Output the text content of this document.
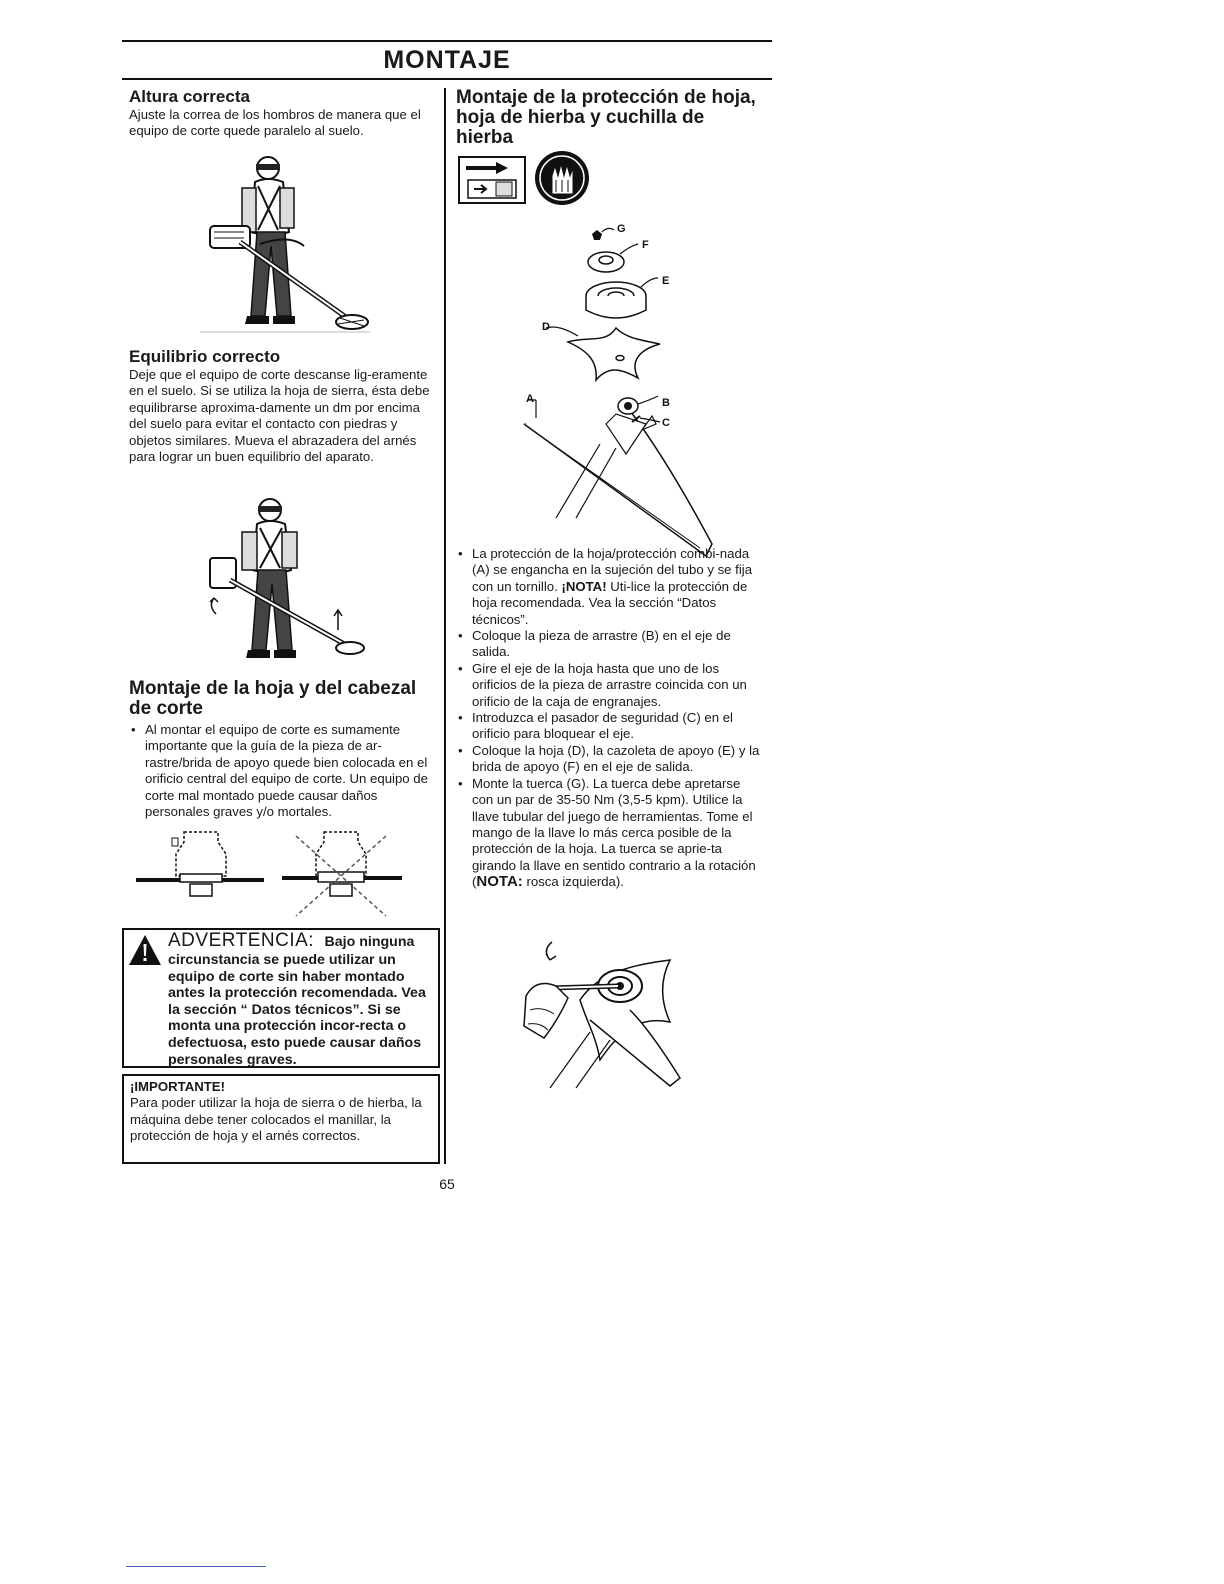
MONTAJE
Altura correcta
Ajuste la correa de los hombros de manera que el equipo de corte quede paralelo al suelo.
Equilibrio correcto
Deje que el equipo de corte descanse lig-eramente en el suelo. Si se utiliza la hoja de sierra, ésta debe equilibrarse aproxima-damente un dm por encima del suelo para evitar el contacto con piedras y objetos similares. Mueva el abrazadera del arnés para lograr un buen equilibrio del aparato.
Montaje de la hoja y del cabezal de corte
• Al montar el equipo de corte es sumamente importante que la guía de la pieza de ar-rastre/brida de apoyo quede bien colocada en el orificio central del equipo de corte. Un equipo de corte mal montado puede causar daños personales graves y/o mortales.
ADVERTENCIA: Bajo ninguna
circunstancia se puede utilizar un equipo de corte sin haber montado antes la protección recomendada. Vea la sección “ Datos técnicos”. Si se monta una protección incor-recta o defectuosa, esto puede causar daños personales graves.
¡IMPORTANTE!
Para poder utilizar la hoja de sierra o de hierba, la máquina debe tener colocados el manillar, la protección de hoja y el arnés correctos.
Montaje de la protección de hoja, hoja de hierba y cuchilla de hierba
G
F
E
D
A	B
C
• La protección de la hoja/protección combi-nada (A) se engancha en la sujeción del tubo y se fija con un tornillo. ¡NOTA! Uti-lice la protección de hoja recomendada. Vea la sección “Datos técnicos”.
• Coloque la pieza de arrastre (B) en el eje de salida.
• Gire el eje de la hoja hasta que uno de los orificios de la pieza de arrastre coincida con un orificio de la caja de engranajes.
• Introduzca el pasador de seguridad (C) en el orificio para bloquear el eje.
• Coloque la hoja (D), la cazoleta de apoyo (E) y la brida de apoyo (F) en el eje de salida.
• Monte la tuerca (G). La tuerca debe apretarse con un par de 35-50 Nm (3,5-5 kpm). Utilice la llave tubular del juego de herramientas. Tome el mango de la llave lo más cerca posible de la protección de la hoja. La tuerca se aprie-ta girando la llave en sentido contrario a la rotación (NOTA: rosca izquierda).
65
